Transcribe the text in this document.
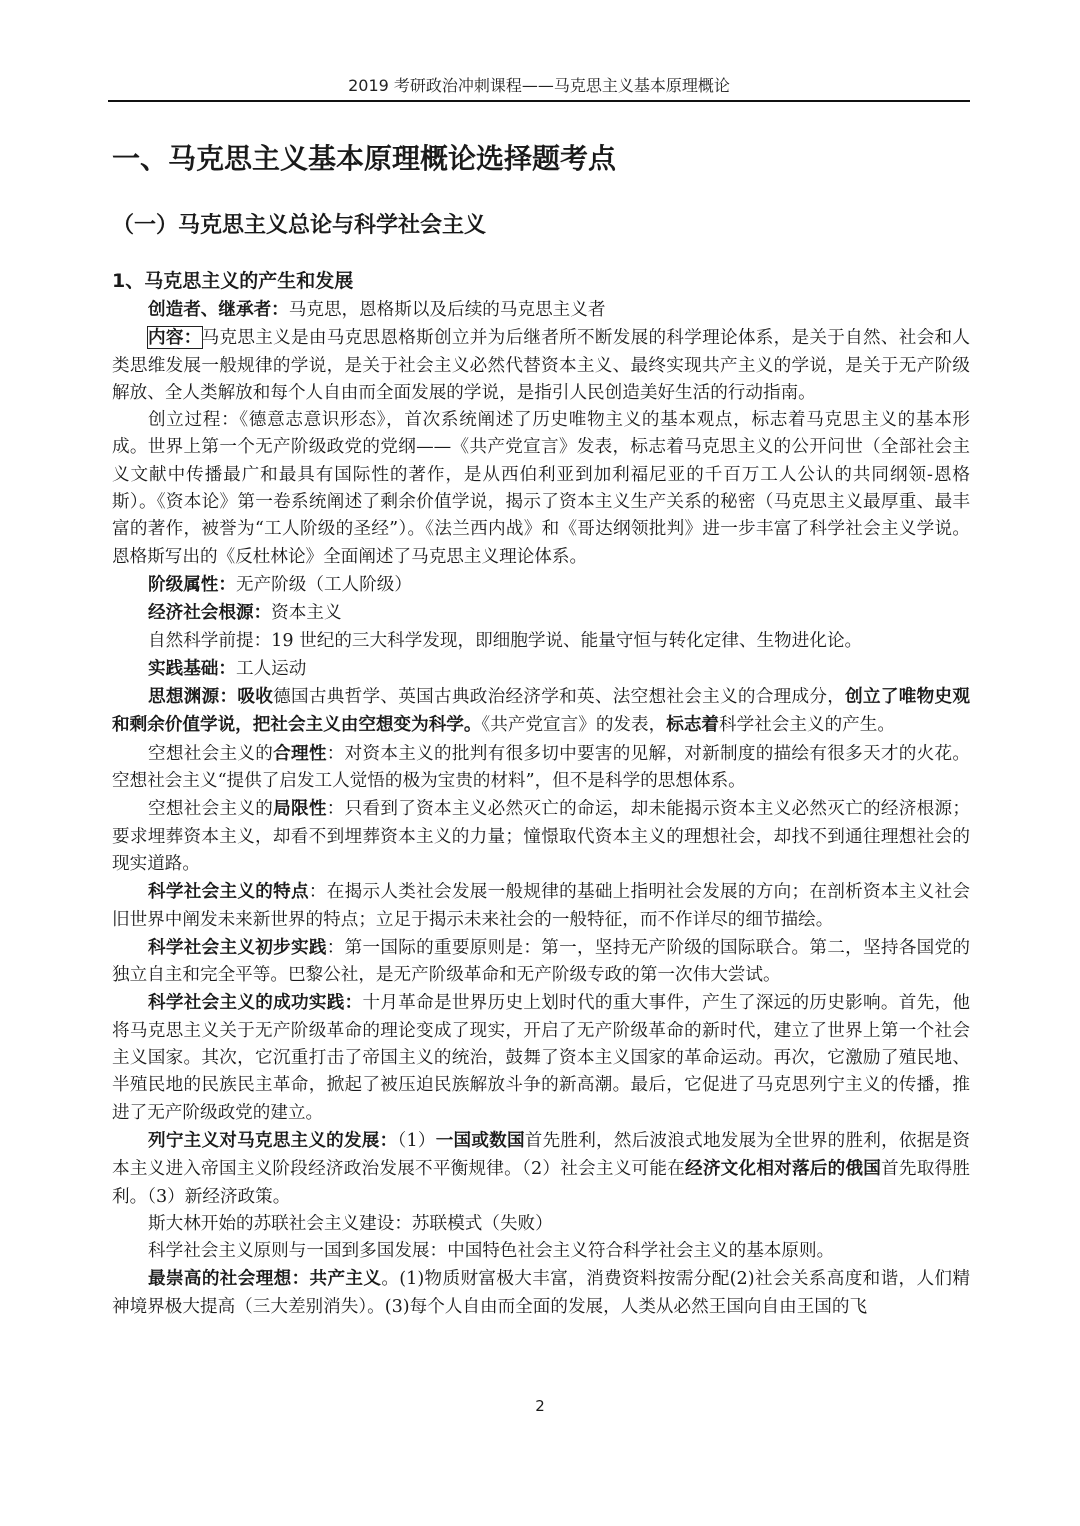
2019 考研政治冲刺课程——马克思主义基本原理概论
一、马克思主义基本原理概论选择题考点
（一）马克思主义总论与科学社会主义
1、马克思主义的产生和发展

创造者、继承者：马克思，恩格斯以及后续的马克思主义者

内容：马克思主义是由马克思恩格斯创立并为后继者所不断发展的科学理论体系，是关于自然、社会和人类思维发展一般规律的学说，是关于社会主义必然代替资本主义、最终实现共产主义的学说，是关于无产阶级解放、全人类解放和每个人自由而全面发展的学说，是指引人民创造美好生活的行动指南。

创立过程：《德意志意识形态》，首次系统阐述了历史唯物主义的基本观点，标志着马克思主义的基本形成。世界上第一个无产阶级政党的党纲——《共产党宣言》发表，标志着马克思主义的公开问世（全部社会主义文献中传播最广和最具有国际性的著作，是从西伯利亚到加利福尼亚的千百万工人公认的共同纲领-恩格斯）。《资本论》第一卷系统阐述了剩余价值学说，揭示了资本主义生产关系的秘密（马克思主义最厚重、最丰富的著作，被誉为“工人阶级的圣经”）。《法兰西内战》和《哥达纲领批判》进一步丰富了科学社会主义学说。恩格斯写出的《反杜林论》全面阐述了马克思主义理论体系。

阶级属性：无产阶级（工人阶级）

经济社会根源：资本主义

自然科学前提：19 世纪的三大科学发现，即细胞学说、能量守恒与转化定律、生物进化论。

实践基础：工人运动

思想渊源：吸收德国古典哲学、英国古典政治经济学和英、法空想社会主义的合理成分，创立了唯物史观和剩余价值学说，把社会主义由空想变为科学。《共产党宣言》的发表，标志着科学社会主义的产生。

空想社会主义的合理性：对资本主义的批判有很多切中要害的见解，对新制度的描绘有很多天才的火花。空想社会主义“提供了启发工人觉悟的极为宝贵的材料”，但不是科学的思想体系。

空想社会主义的局限性：只看到了资本主义必然灭亡的命运，却未能揭示资本主义必然灭亡的经济根源；要求埋葬资本主义，却看不到埋葬资本主义的力量；憧憬取代资本主义的理想社会，却找不到通往理想社会的现实道路。

科学社会主义的特点：在揭示人类社会发展一般规律的基础上指明社会发展的方向；在剖析资本主义社会旧世界中阐发未来新世界的特点；立足于揭示未来社会的一般特征，而不作详尽的细节描绘。

科学社会主义初步实践：第一国际的重要原则是：第一，坚持无产阶级的国际联合。第二，坚持各国党的独立自主和完全平等。巴黎公社，是无产阶级革命和无产阶级专政的第一次伟大尝试。

科学社会主义的成功实践：十月革命是世界历史上划时代的重大事件，产生了深远的历史影响。首先，他将马克思主义关于无产阶级革命的理论变成了现实，开启了无产阶级革命的新时代，建立了世界上第一个社会主义国家。其次，它沉重打击了帝国主义的统治，鼓舞了资本主义国家的革命运动。再次，它激励了殖民地、半殖民地的民族民主革命，掀起了被压迫民族解放斗争的新高潮。最后，它促进了马克思列宁主义的传播，推进了无产阶级政党的建立。

列宁主义对马克思主义的发展：（1）一国或数国首先胜利，然后波浪式地发展为全世界的胜利，依据是资本主义进入帝国主义阶段经济政治发展不平衡规律。（2）社会主义可能在经济文化相对落后的俄国首先取得胜利。（3）新经济政策。

斯大林开始的苏联社会主义建设：苏联模式（失败）

科学社会主义原则与一国到多国发展：中国特色社会主义符合科学社会主义的基本原则。

最崇高的社会理想：共产主义。(1)物质财富极大丰富，消费资料按需分配(2)社会关系高度和谐，人们精神境界极大提高（三大差别消失）。(3)每个人自由而全面的发展，人类从必然王国向自由王国的飞

2
